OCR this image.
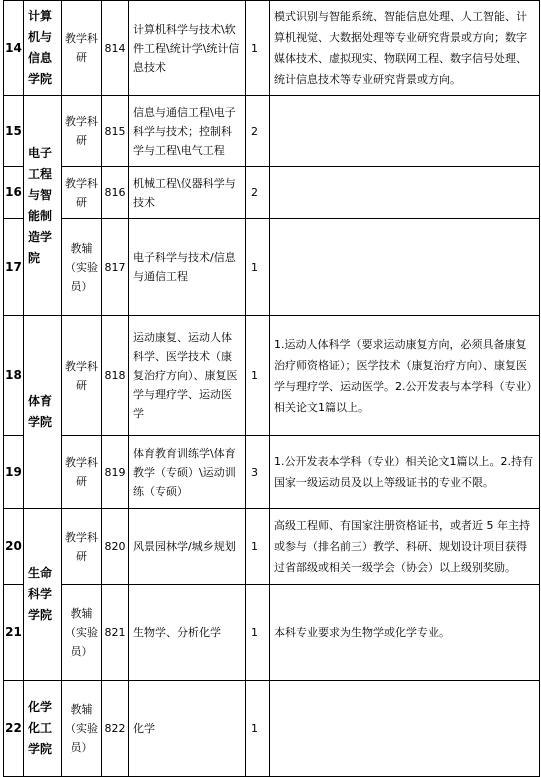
14	计算机与信息学院	教学科研	814	计算机科学与技术\软件工程\统计学\统计信息技术	1	模式识别与智能系统、智能信息处理、人工智能、计算机视觉、大数据处理等专业研究背景或方向；数字媒体技术、虚拟现实、物联网工程、数字信号处理、统计信息技术等专业研究背景或方向。
15	电子工程与智能制造学院	教学科研	815	信息与通信工程\电子科学与技术；控制科学与工程\电气工程	2	
16		教学科研	816	机械工程\仪器科学与技术	2	
17		教辅（实验员）	817	电子科学与技术/信息与通信工程	1	
18	体育学院	教学科研	818	运动康复、运动人体科学、医学技术（康复治疗方向）、康复医学与理疗学、运动医学	1	1.运动人体科学（要求运动康复方向，必须具备康复治疗师资格证）；医学技术（康复治疗方向）、康复医学与理疗学、运动医学。2.公开发表与本学科（专业）相关论文1篇以上。
19		教学科研	819	体育教育训练学\体育教学（专硕）\运动训练（专硕）	3	1.公开发表本学科（专业）相关论文1篇以上。2.持有国家一级运动员及以上等级证书的专业不限。
20	生命科学学院	教学科研	820	风景园林学/城乡规划	1	高级工程师、有国家注册资格证书，或者近 5 年主持或参与（排名前三）教学、科研、规划设计项目获得过省部级或相关一级学会（协会）以上级别奖励。
21		教辅（实验员）	821	生物学、分析化学	1	本科专业要求为生物学或化学专业。
22	化学化工学院	教辅（实验员）	822	化学	1	
